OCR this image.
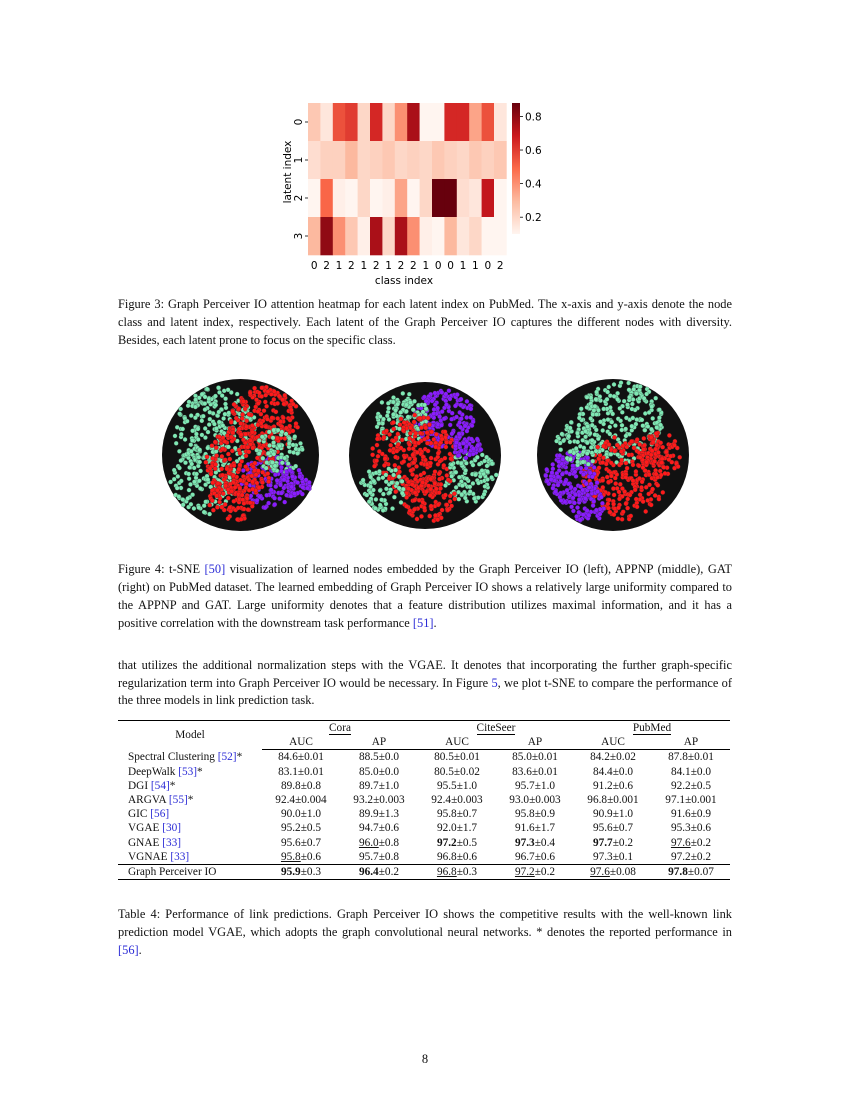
0 2 1 2 1 2 1 2 2 1 0 0 1 1 0 2
0
1
2
3
class index
latent index
0.8
0.6
0.4
0.2
Figure 3: Graph Perceiver IO attention heatmap for each latent index on PubMed. The x-axis and y-axis denote the node class and latent index, respectively. Each latent of the Graph Perceiver IO captures the different nodes with diversity. Besides, each latent prone to focus on the specific class.
Figure 4: t-SNE [50] visualization of learned nodes embedded by the Graph Perceiver IO (left), APPNP (middle), GAT (right) on PubMed dataset. The learned embedding of Graph Perceiver IO shows a relatively large uniformity compared to the APPNP and GAT. Large uniformity denotes that a feature distribution utilizes maximal information, and it has a positive correlation with the downstream task performance [51].
that utilizes the additional normalization steps with the VGAE. It denotes that incorporating the further graph-specific regularization term into Graph Perceiver IO would be necessary. In Figure 5, we plot t-SNE to compare the performance of the three models in link prediction task.
Model	Cora		CiteSeer		PubMed	
	AUC	AP	AUC	AP	AUC	AP
Spectral Clustering [52]*	84.6±0.01	88.5±0.0	80.5±0.01	85.0±0.01	84.2±0.02	87.8±0.01
DeepWalk [53]*	83.1±0.01	85.0±0.0	80.5±0.02	83.6±0.01	84.4±0.0	84.1±0.0
DGI [54]*	89.8±0.8	89.7±1.0	95.5±1.0	95.7±1.0	91.2±0.6	92.2±0.5
ARGVA [55]*	92.4±0.004	93.2±0.003	92.4±0.003	93.0±0.003	96.8±0.001	97.1±0.001
GIC [56]	90.0±1.0	89.9±1.3	95.8±0.7	95.8±0.9	90.9±1.0	91.6±0.9
VGAE [30]	95.2±0.5	94.7±0.6	92.0±1.7	91.6±1.7	95.6±0.7	95.3±0.6
GNAE [33]	95.6±0.7	96.0±0.8	97.2±0.5	97.3±0.4	97.7±0.2	97.6±0.2
VGNAE [33]	95.8±0.6	95.7±0.8	96.8±0.6	96.7±0.6	97.3±0.1	97.2±0.2
Graph Perceiver IO	95.9±0.3	96.4±0.2	96.8±0.3	97.2±0.2	97.6±0.08	97.8±0.07
Table 4: Performance of link predictions. Graph Perceiver IO shows the competitive results with the well-known link prediction model VGAE, which adopts the graph convolutional neural networks. * denotes the reported performance in [56].
8
